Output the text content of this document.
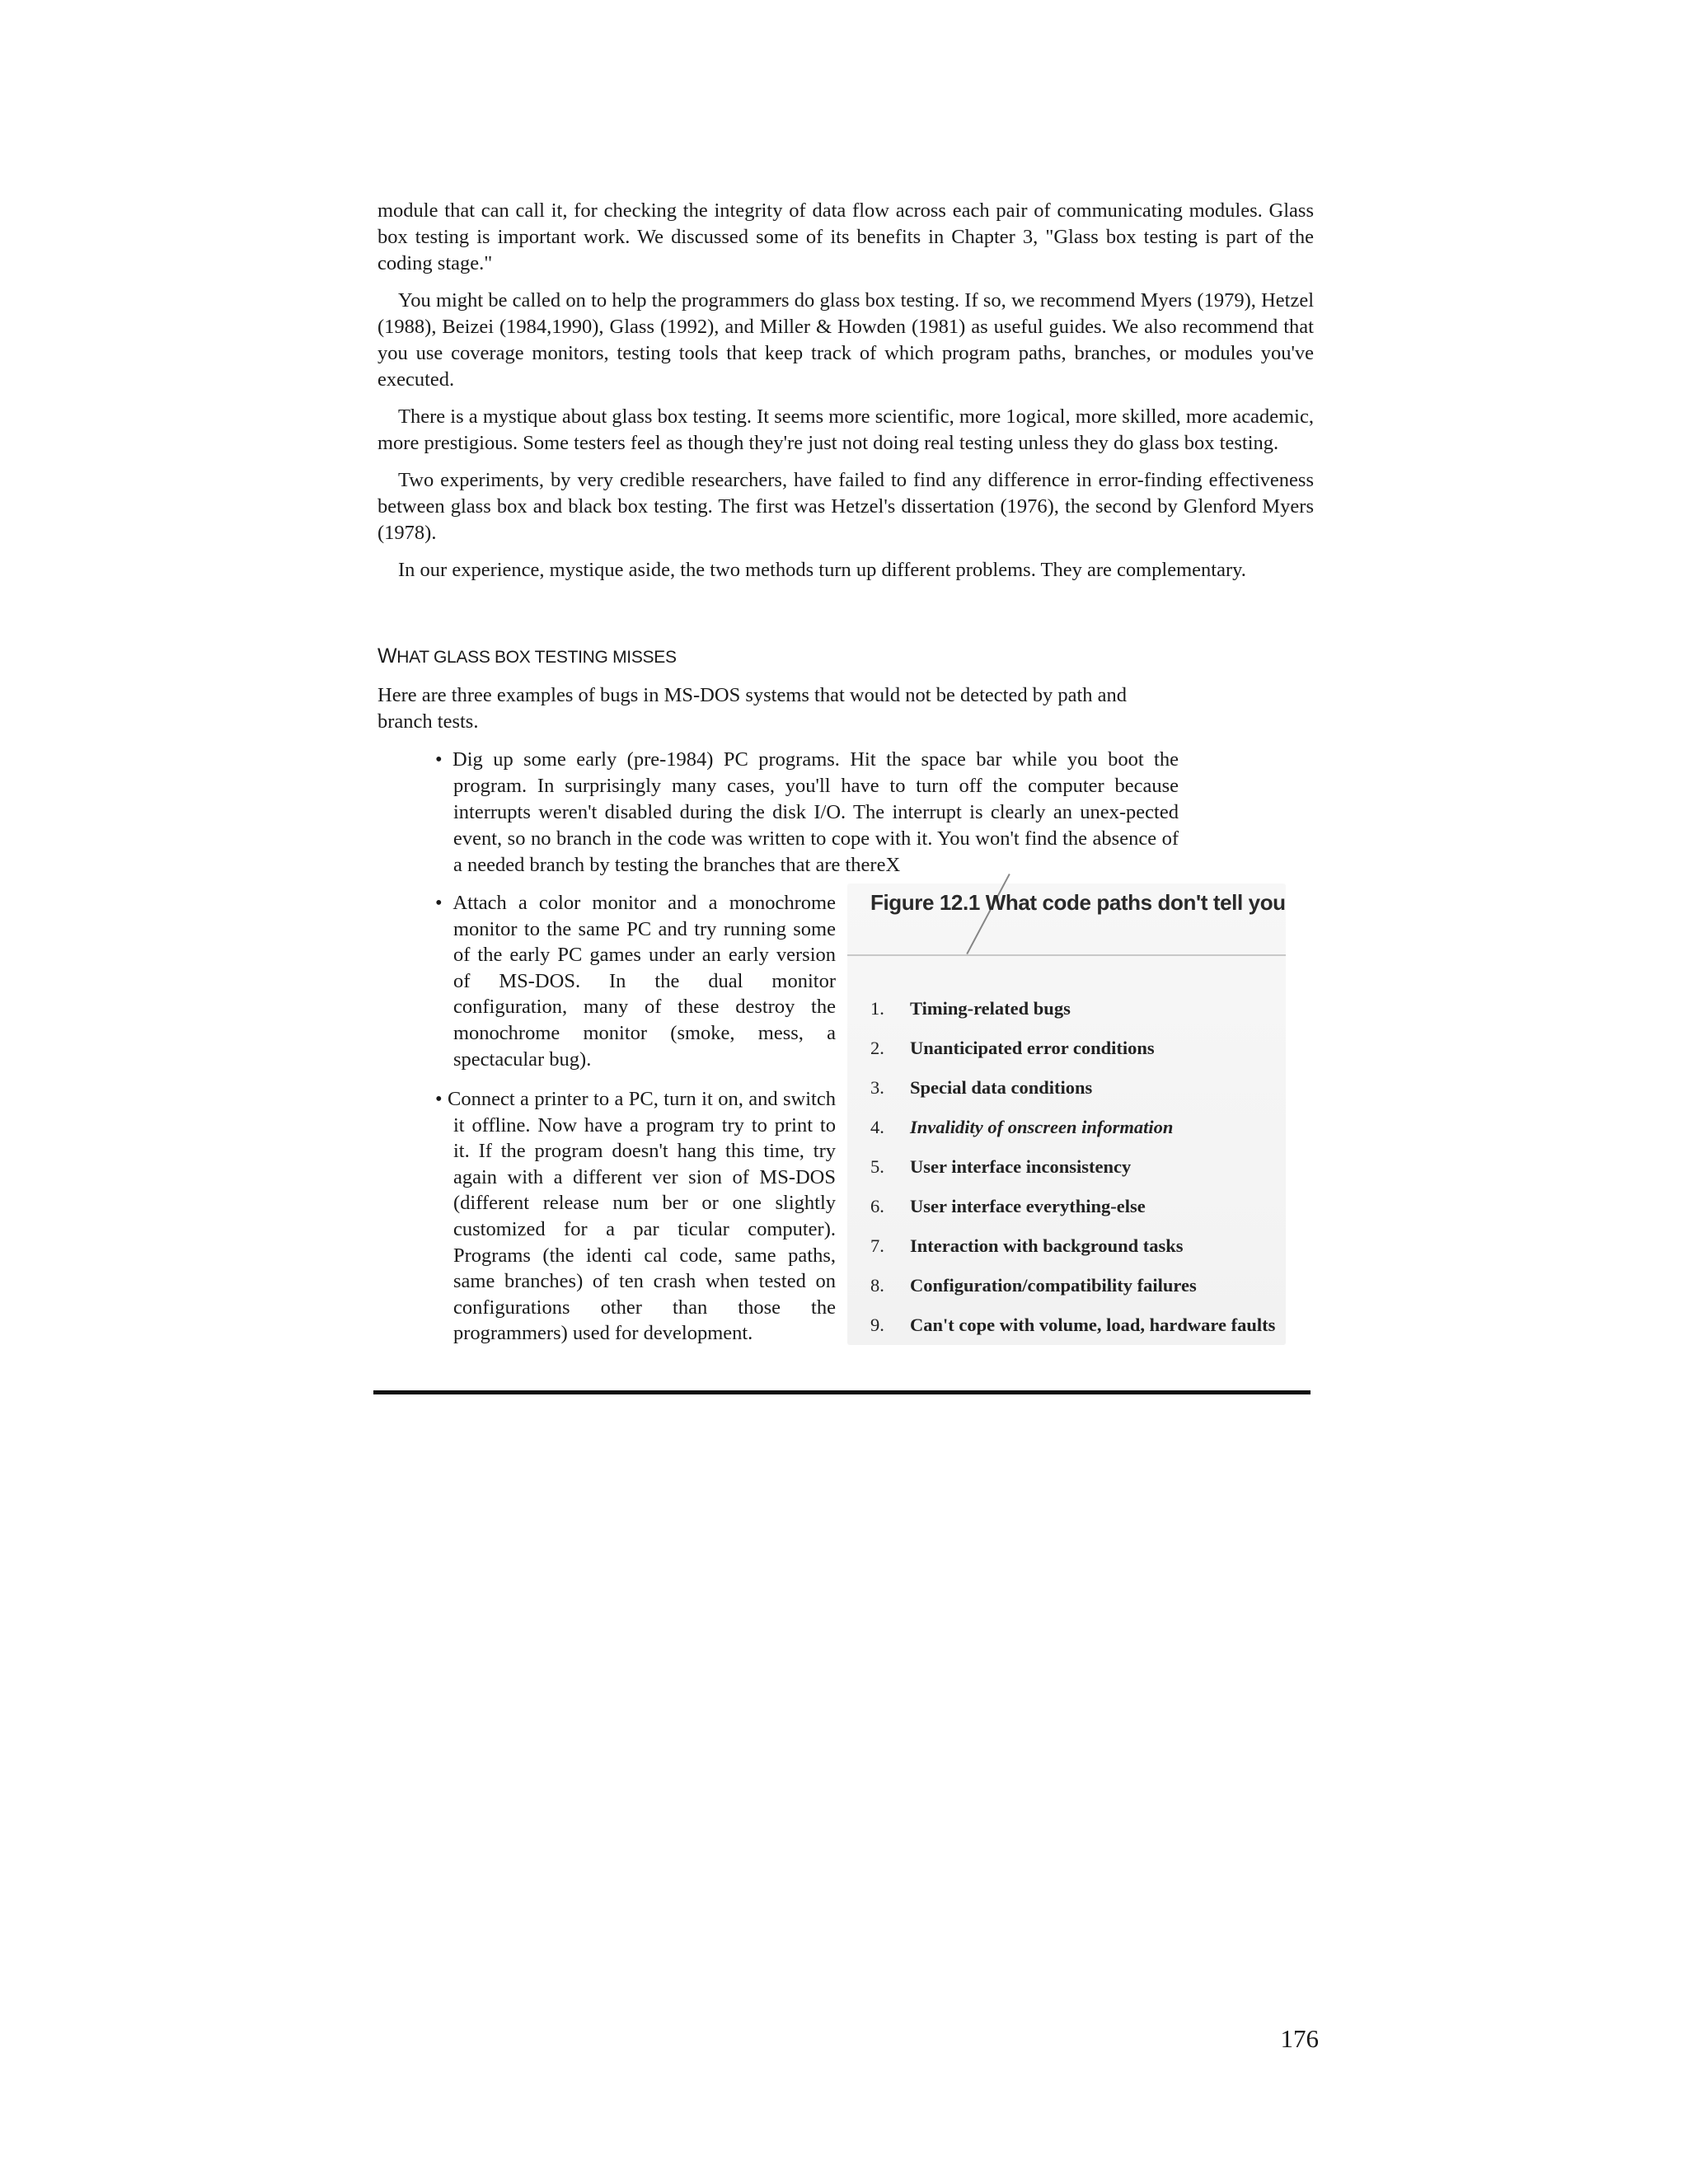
module that can call it, for checking the integrity of data flow across each pair of communicating modules. Glass box testing is important work. We discussed some of its benefits in Chapter 3, "Glass box testing is part of the coding stage."

You might be called on to help the programmers do glass box testing. If so, we recommend Myers (1979), Hetzel (1988), Beizei (1984,1990), Glass (1992), and Miller & Howden (1981) as useful guides. We also recommend that you use coverage monitors, testing tools that keep track of which program paths, branches, or modules you've executed.

There is a mystique about glass box testing. It seems more scientific, more 1ogical, more skilled, more academic, more prestigious. Some testers feel as though they're just not doing real testing unless they do glass box testing.

Two experiments, by very credible researchers, have failed to find any difference in error-finding effectiveness between glass box and black box testing. The first was Hetzel's dissertation (1976), the second by Glenford Myers (1978).

In our experience, mystique aside, the two methods turn up different problems. They are complementary.

WHAT GLASS BOX TESTING MISSES
Here are three examples of bugs in MS-DOS systems that would not be detected by path and branch tests.
• Dig up some early (pre-1984) PC programs. Hit the space bar while you boot the program. In surprisingly many cases, you'll have to turn off the computer because interrupts weren't disabled during the disk I/O. The interrupt is clearly an unex-pected event, so no branch in the code was written to cope with it. You won't find the absence of a needed branch by testing the branches that are thereX
• Attach a color monitor and a monochrome monitor to the same PC and try running some of the early PC games under an early version of MS-DOS. In the dual monitor configuration, many of these destroy the monochrome monitor (smoke, mess, a spectacular bug).
• Connect a printer to a PC, turn it on, and switch it offline. Now have a program try to print to it. If the program doesn't hang this time, try again with a different ver sion of MS-DOS (different release num ber or one slightly customized for a par ticular computer). Programs (the identi cal code, same paths, same branches) of ten crash when tested on configurations other than those the programmers) used for development.
Figure 12.1 What code paths don't tell you
1. Timing-related bugs
2. Unanticipated error conditions
3. Special data conditions
4. Invalidity of onscreen information
5. User interface inconsistency
6. User interface everything-else
7. Interaction with background tasks
8. Configuration/compatibility failures
9. Can't cope with volume, load, hardware faults
176
